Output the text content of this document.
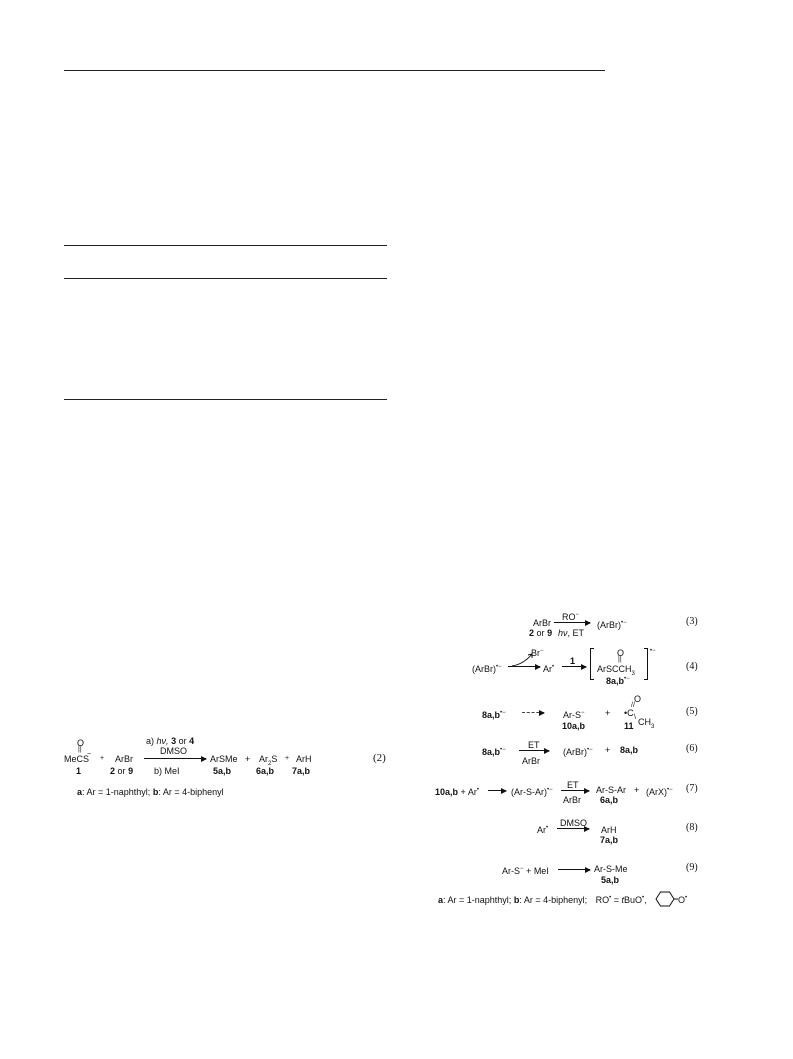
O
||
MeCS
−
1
+ ArBr
2 or 9
a) hν, 3 or 4
DMSO
b) MeI
ArSMe
5a,b
+ $Ar_2S$
6a,b
+ ArH
7a,b
(2)
a: Ar = 1-naphthyl; b: Ar = 4-biphenyl
ArBr
2 or 9
RO−
hν, ET
(ArBr)•−	(3)
(ArBr)•−
Br−
Ar•
1
O
||
ArSCCH$_3$
•−
8a,b•−
(4)
8a,b•−	Ar-S−
10a,b
+
O
//
•C \ $CH_3$
11
(5)
8a,b•− ET
ArBr
(ArBr)•− + 8a,b	(6)
10a,b + Ar•	(Ar-S-Ar)•− ET
ArBr
Ar-S-Ar
6a,b
+ (ArX)•− (7)
Ar• DMSO
ArH
7a,b
(8)
Ar-S− + MeI	Ar-S-Me
5a,b
(9)
a: Ar = 1-naphthyl; b: Ar = 4-biphenyl; RO• = tBuO•,	O•
